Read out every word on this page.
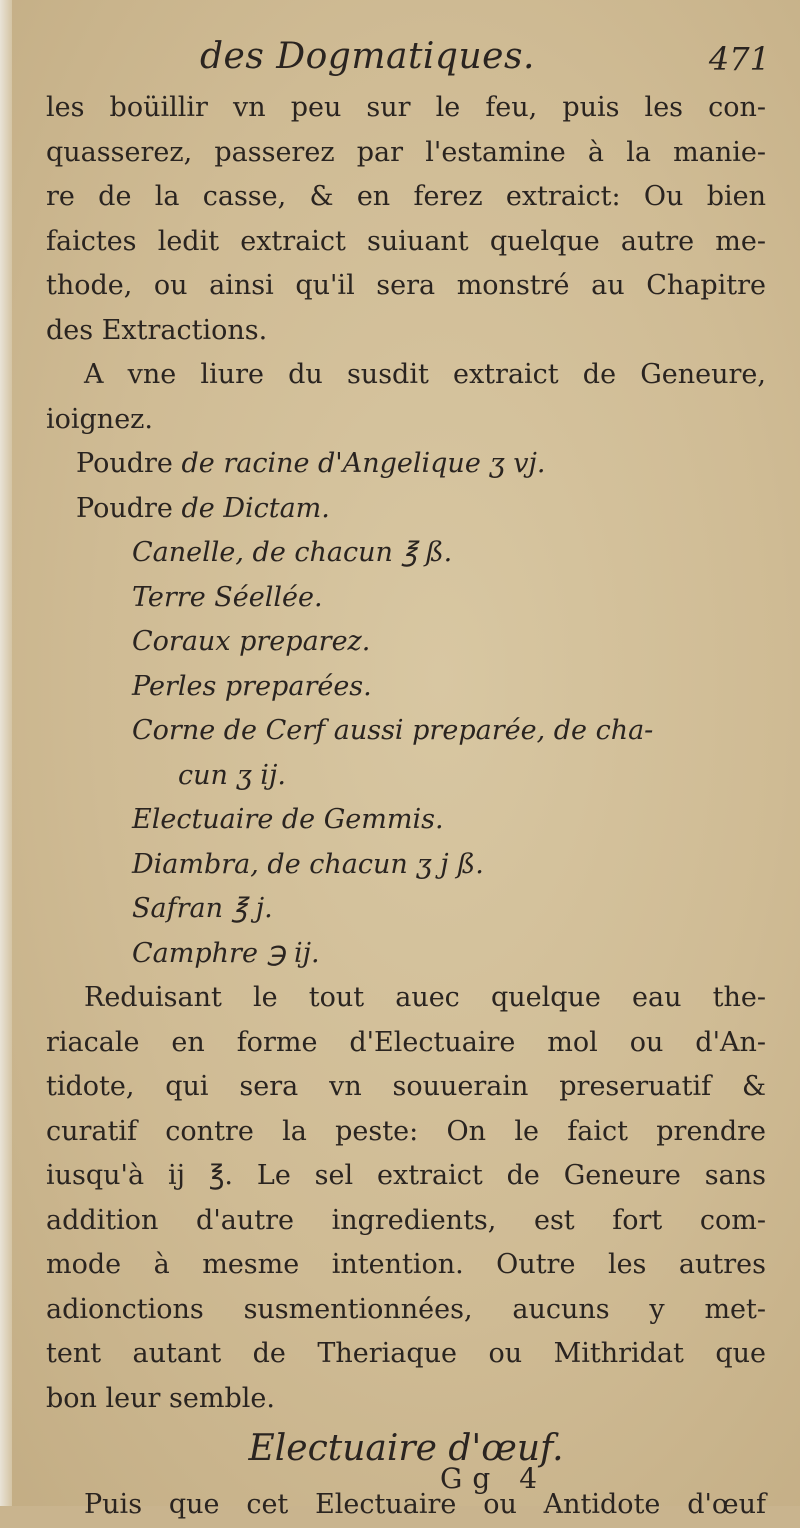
des Dogmatiques.	471
les boüillir vn peu sur le feu, puis les con-
quasserez, passerez par l'estamine à la manie-
re de la casse, & en ferez extraict: Ou bien
faictes ledit extraict suiuant quelque autre me-
thode, ou ainsi qu'il sera monstré au Chapitre
des Extractions.
A vne liure du susdit extraict de Geneure,
ioignez.
Poudre de racine d'Angelique ʒ vj.
Poudre de Dictam.
Canelle, de chacun ℥ ß.
Terre Séellée.
Coraux preparez.
Perles preparées.
Corne de Cerf aussi preparée, de cha-
cun ʒ ij.
Electuaire de Gemmis.
Diambra, de chacun ʒ j ß.
Safran ℥ j.
Camphre ℈ ij.
Reduisant le tout auec quelque eau the-
riacale en forme d'Electuaire mol ou d'An-
tidote, qui sera vn souuerain preseruatif &
curatif contre la peste: On le faict prendre
iusqu'à ij ℥. Le sel extraict de Geneure sans
addition d'autre ingredients, est fort com-
mode à mesme intention. Outre les autres
adionctions susmentionnées, aucuns y met-
tent autant de Theriaque ou Mithridat que
bon leur semble.
Electuaire d'œuf.
Puis que cet Electuaire ou Antidote d'œuf
Gg 4
